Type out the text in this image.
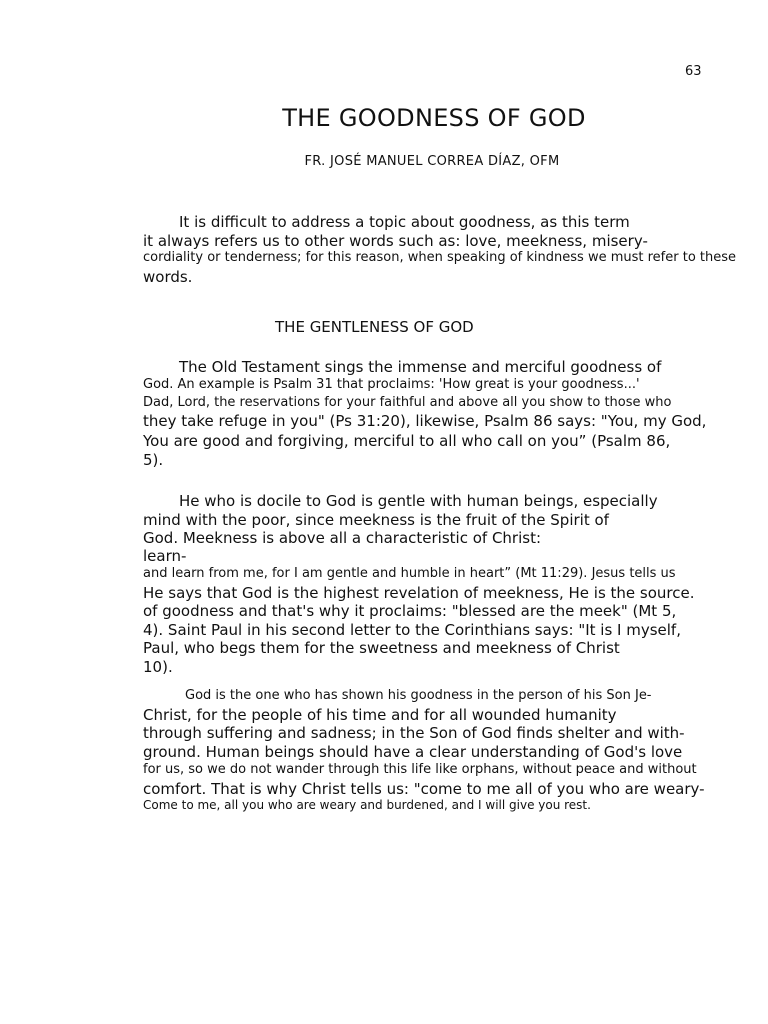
63
THE GOODNESS OF GOD
FR. JOSÉ MANUEL CORREA DÍAZ, OFM
It is difficult to address a topic about goodness, as this term
it always refers us to other words such as: love, meekness, misery-
cordiality or tenderness; for this reason, when speaking of kindness we must refer to these
words.
THE GENTLENESS OF GOD
The Old Testament sings the immense and merciful goodness of
God. An example is Psalm 31 that proclaims: 'How great is your goodness...'
Dad, Lord, the reservations for your faithful and above all you show to those who
they take refuge in you" (Ps 31:20), likewise, Psalm 86 says: "You, my God,
You are good and forgiving, merciful to all who call on you” (Psalm 86,
5).
He who is docile to God is gentle with human beings, especially
mind with the poor, since meekness is the fruit of the Spirit of
God. Meekness is above all a characteristic of Christ:
learn-
and learn from me, for I am gentle and humble in heart” (Mt 11:29). Jesus tells us
He says that God is the highest revelation of meekness, He is the source.
of goodness and that's why it proclaims: "blessed are the meek" (Mt 5,
4). Saint Paul in his second letter to the Corinthians says: "It is I myself,
Paul, who begs them for the sweetness and meekness of Christ
10).
God is the one who has shown his goodness in the person of his Son Je-
Christ, for the people of his time and for all wounded humanity
through suffering and sadness; in the Son of God finds shelter and with-
ground. Human beings should have a clear understanding of God's love
for us, so we do not wander through this life like orphans, without peace and without
comfort. That is why Christ tells us: "come to me all of you who are weary-
Come to me, all you who are weary and burdened, and I will give you rest.
